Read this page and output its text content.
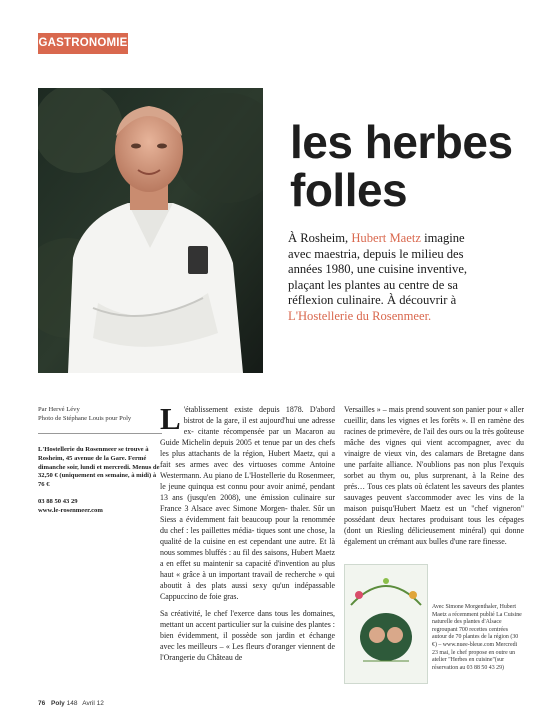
GASTRONOMIE
les herbes
folles
À Rosheim, Hubert Maetz imagine avec maestria, depuis le milieu des années 1980, une cuisine inventive, plaçant les plantes au centre de sa réflexion culinaire. À découvrir à L'Hostellerie du Rosenmeer.
Par Hervé Lévy
Photo de Stéphane Louis pour Poly
L'Hostellerie du Rosenmeer se trouve à Rosheim, 45 avenue de la Gare. Fermé dimanche soir, lundi et mercredi. Menus de 32,50 € (uniquement en semaine, à midi) à 76 €
03 88 50 43 29
www.le-rosenmeer.com

L 'établissement existe depuis 1878. D'abord bistrot de la gare, il est aujourd'hui une adresse ex- citante récompensée par un Macaron au Guide Michelin depuis 2005 et tenue par un des chefs les plus attachants de la région, Hubert Maetz, qui a fait ses armes avec des virtuoses comme Antoine Westermann. Au piano de L'Hostellerie du Rosenmeer, le jeune quinqua est connu pour avoir animé, pendant 13 ans (jusqu'en 2008), une émission culinaire sur France 3 Alsace avec Simone Morgen- thaler. Sûr un Siess a évidemment fait beaucoup pour la renommée du chef : les paillettes média- tiques sont une chose, la qualité de la cuisine en est cependant une autre. Et là nous sommes bluffés : au fil des saisons, Hubert Maetz a en effet su maintenir sa capacité d'invention au plus haut « grâce à un important travail de recherche » qui aboutit à des plats aussi sexy qu'un indépassable Cappuccino de foie gras.

Sa créativité, le chef l'exerce dans tous les domaines, mettant un accent particulier sur la cuisine des plantes : bien évidemment, il possède son jardin et échange avec les meilleurs – « Les fleurs d'oranger viennent de l'Orangerie du Château de

Versailles » – mais prend souvent son panier pour « aller cueillir, dans les vignes et les forêts ». Il en ramène des racines de primevère, de l'ail des ours ou la très goûteuse mâche des vignes qui vient accompagner, avec du vinaigre de vieux vin, des calamars de Bretagne dans une parfaite alliance. N'oublions pas non plus l'exquis sorbet au thym ou, plus surprenant, à la Reine des prés… Tous ces plats où éclatent les saveurs des plantes sauvages peuvent s'accommoder avec les vins de la maison puisqu'Hubert Maetz est un "chef vigneron" possédant deux hectares produisant tous les cépages (dont un Riesling délicieusement minéral) qui donne également un crémant aux bulles d'une rare finesse.

Avec Simone Morgenthaler, Hubert Maetz a récemment publié La Cuisine naturelle des plantes d'Alsace regroupant 700 recettes centrées autour de 70 plantes de la région (30 €) – www.nuee-bleue.com Mercredi 23 mai, le chef propose en outre un atelier "Herbes en cuisine"(sur réservation au 03 88 50 43 29)
76 Poly 148 Avril 12
